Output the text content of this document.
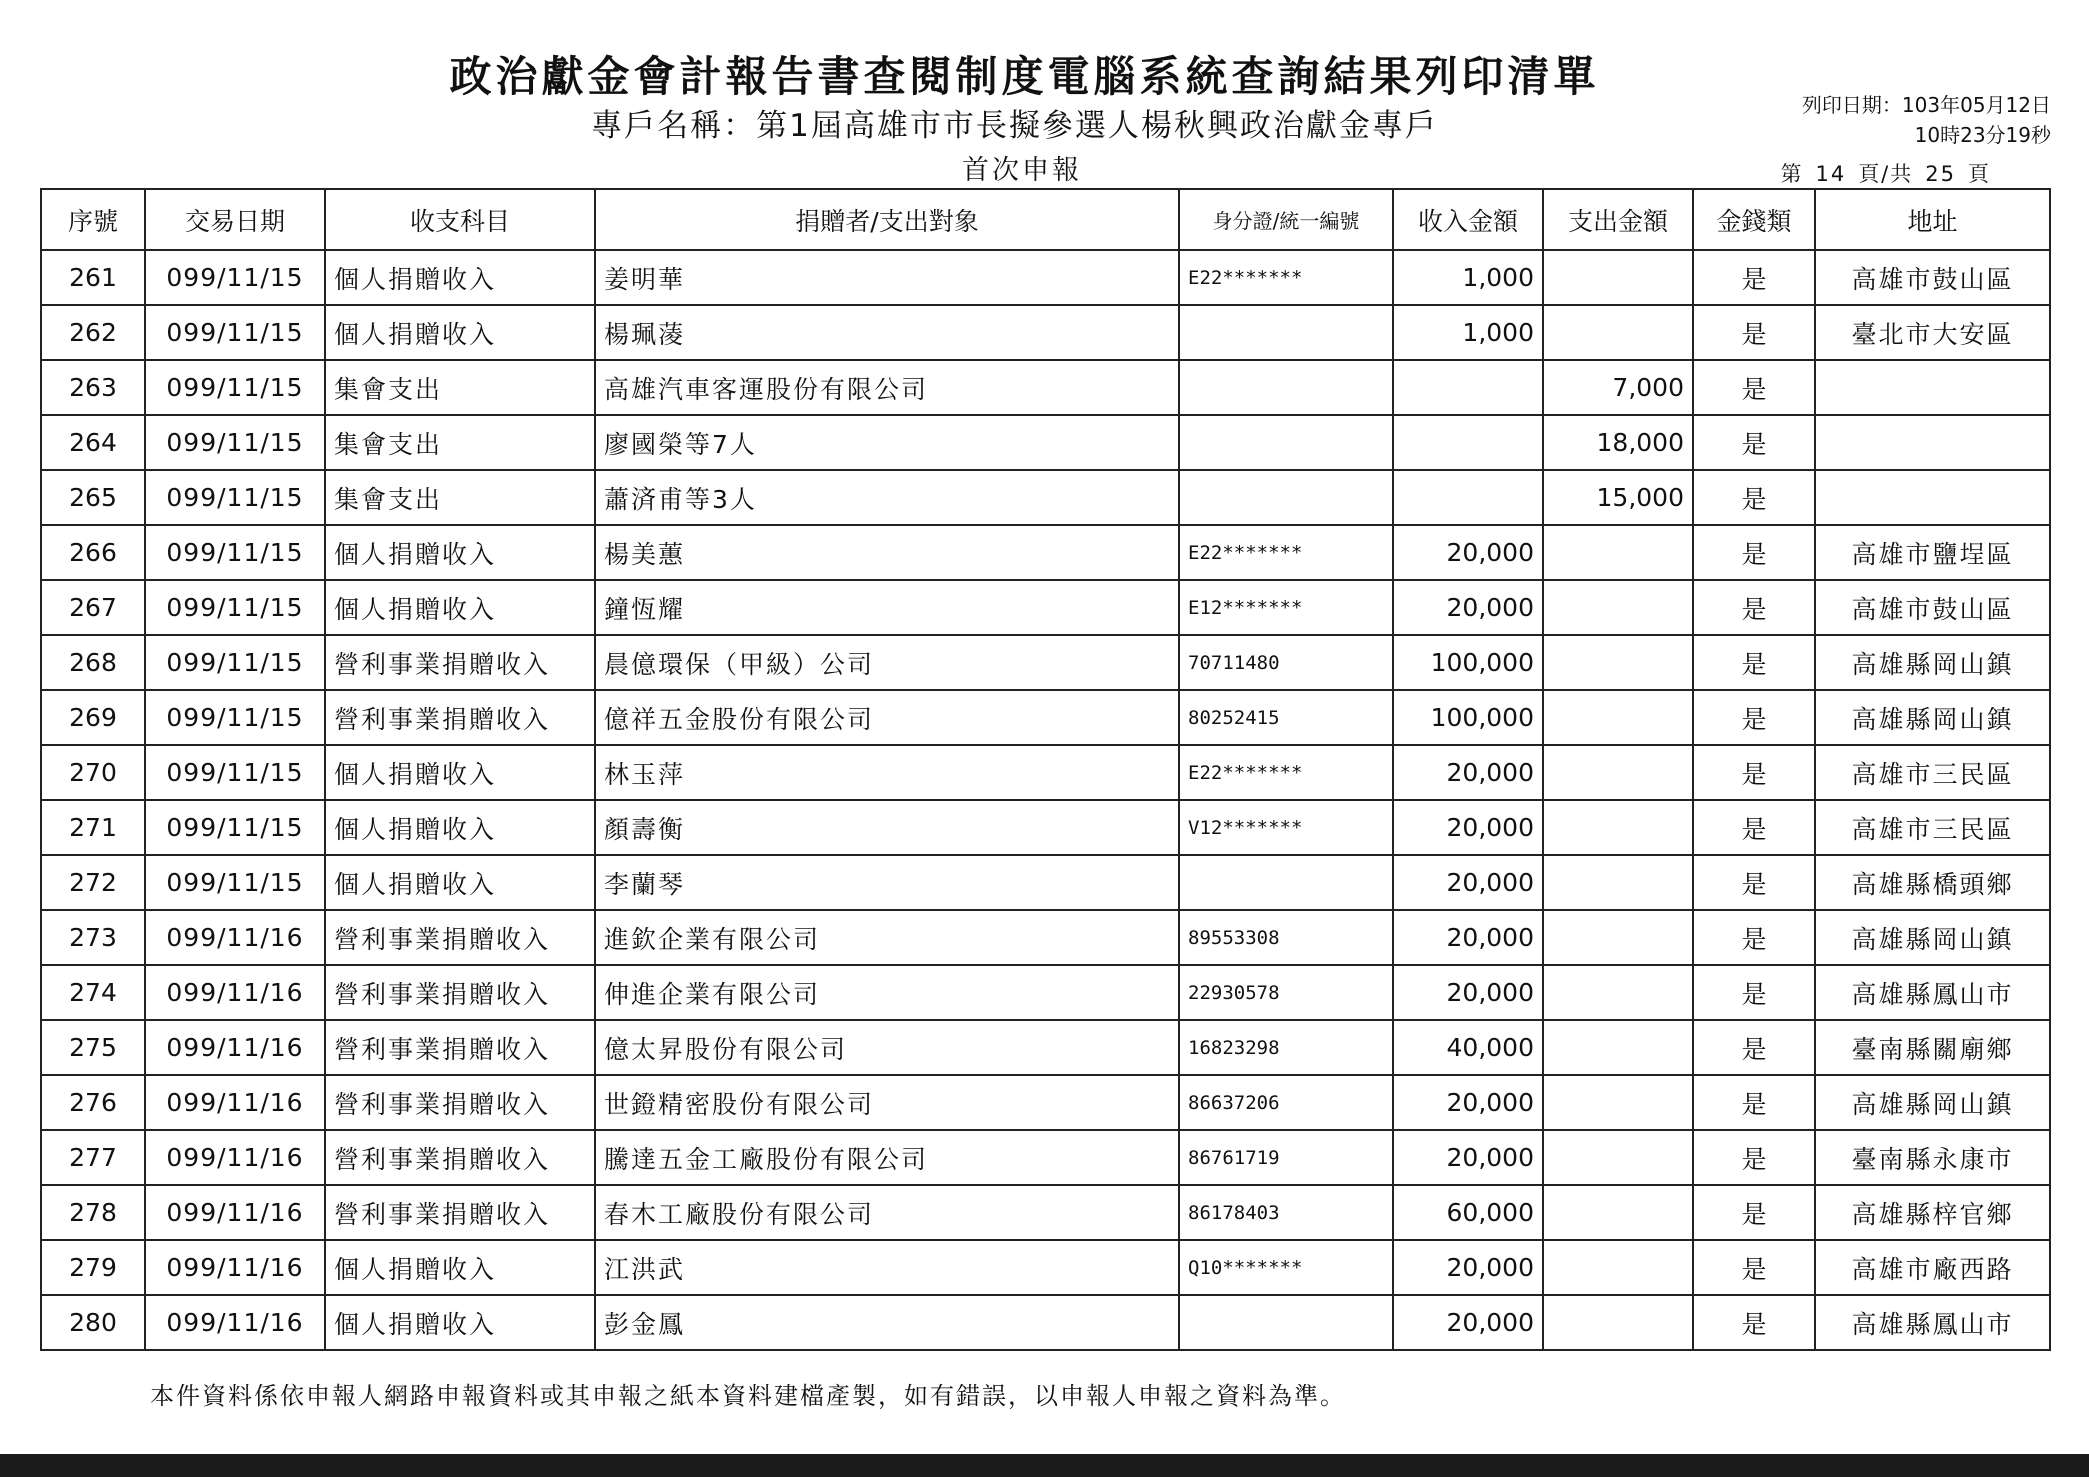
政治獻金會計報告書查閱制度電腦系統查詢結果列印清單
專戶名稱：第1屆高雄市市長擬參選人楊秋興政治獻金專戶
列印日期：103年05月12日
10時23分19秒
首次申報	第 14 頁/共 25 頁
序號	交易日期	收支科目	捐贈者/支出對象	身分證/統一編號	收入金額	支出金額	金錢類	地址
261	099/11/15	個人捐贈收入	姜明華	E22*******	1,000		是	高雄市鼓山區
262	099/11/15	個人捐贈收入	楊珮蓤		1,000		是	臺北市大安區
263	099/11/15	集會支出	高雄汽車客運股份有限公司			7,000	是	
264	099/11/15	集會支出	廖國榮等7人			18,000	是	
265	099/11/15	集會支出	蕭済甫等3人			15,000	是	
266	099/11/15	個人捐贈收入	楊美蕙	E22*******	20,000		是	高雄市鹽埕區
267	099/11/15	個人捐贈收入	鐘恆耀	E12*******	20,000		是	高雄市鼓山區
268	099/11/15	營利事業捐贈收入	晨億環保（甲級）公司	70711480	100,000		是	高雄縣岡山鎮
269	099/11/15	營利事業捐贈收入	億祥五金股份有限公司	80252415	100,000		是	高雄縣岡山鎮
270	099/11/15	個人捐贈收入	林玉萍	E22*******	20,000		是	高雄市三民區
271	099/11/15	個人捐贈收入	顏壽衡	V12*******	20,000		是	高雄市三民區
272	099/11/15	個人捐贈收入	李蘭琴		20,000		是	高雄縣橋頭鄉
273	099/11/16	營利事業捐贈收入	進欽企業有限公司	89553308	20,000		是	高雄縣岡山鎮
274	099/11/16	營利事業捐贈收入	伸進企業有限公司	22930578	20,000		是	高雄縣鳳山市
275	099/11/16	營利事業捐贈收入	億太昇股份有限公司	16823298	40,000		是	臺南縣關廟鄉
276	099/11/16	營利事業捐贈收入	世鐙精密股份有限公司	86637206	20,000		是	高雄縣岡山鎮
277	099/11/16	營利事業捐贈收入	騰達五金工廠股份有限公司	86761719	20,000		是	臺南縣永康市
278	099/11/16	營利事業捐贈收入	春木工廠股份有限公司	86178403	60,000		是	高雄縣梓官鄉
279	099/11/16	個人捐贈收入	江洪武	Q10*******	20,000		是	高雄市廠西路
280	099/11/16	個人捐贈收入	彭金鳳		20,000		是	高雄縣鳳山市
本件資料係依申報人網路申報資料或其申報之紙本資料建檔產製，如有錯誤，以申報人申報之資料為準。
